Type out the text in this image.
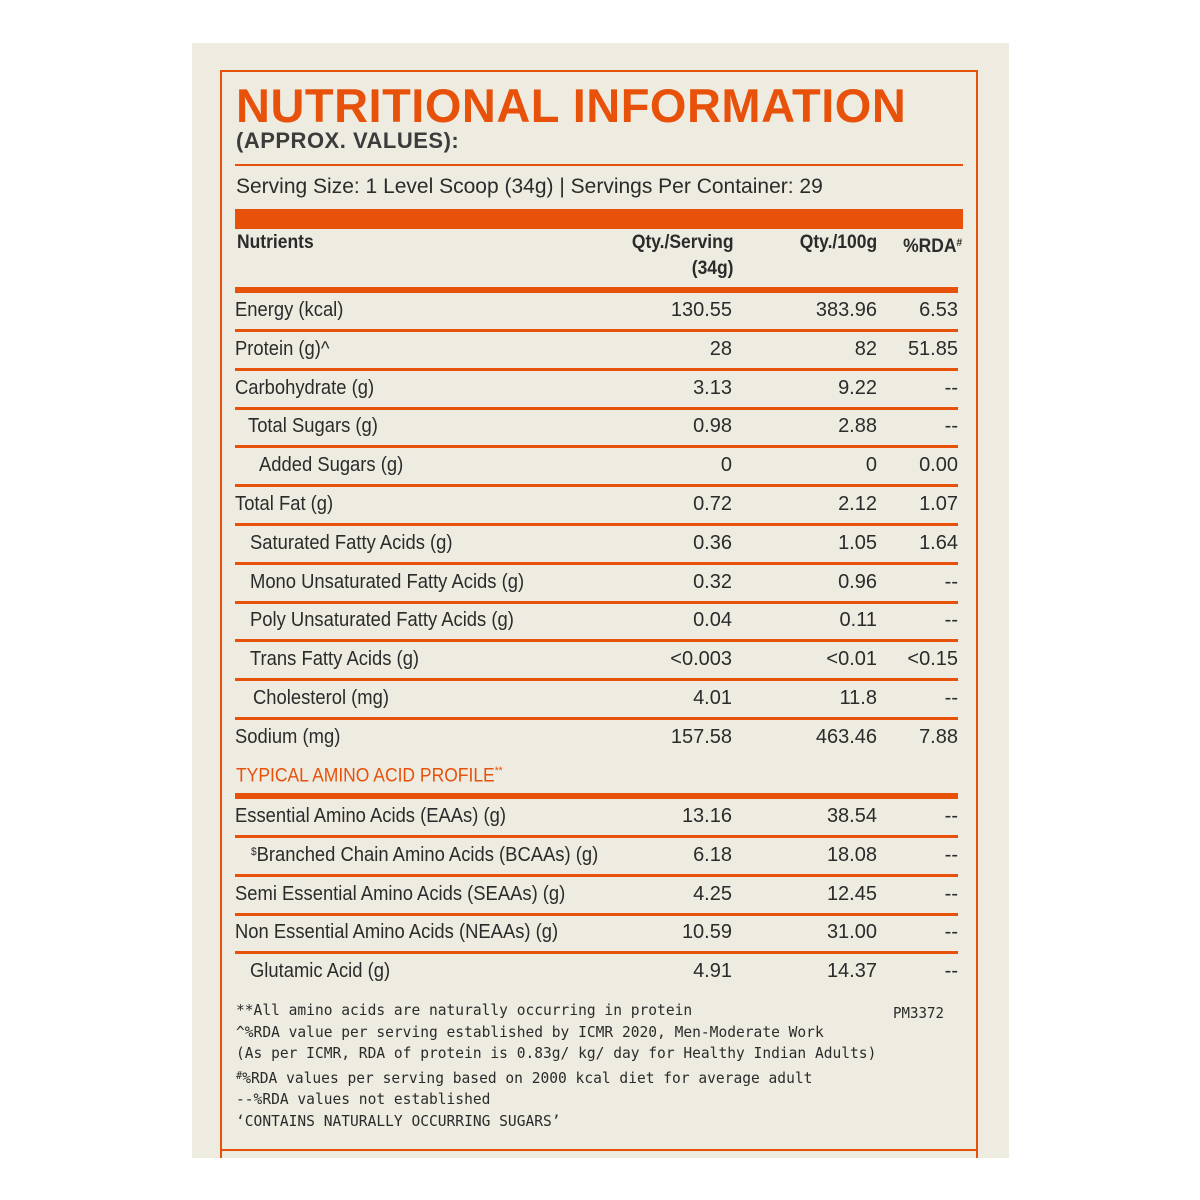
NUTRITIONAL INFORMATION
(APPROX. VALUES):
Serving Size: 1 Level Scoop (34g) | Servings Per Container: 29
Nutrients	Qty./Serving
(34g)
Qty./100g %RDA#
Energy (kcal)	130.55	383.96 6.53
Protein (g)^	28	82 51.85
Carbohydrate (g)	3.13	9.22	--
Total Sugars (g)	0.98	2.88	--
Added Sugars (g)	0	0 0.00
Total Fat (g)	0.72	2.12 1.07
Saturated Fatty Acids (g)	0.36	1.05 1.64
Mono Unsaturated Fatty Acids (g)	0.32	0.96	--
Poly Unsaturated Fatty Acids (g)	0.04	0.11	--
Trans Fatty Acids (g)	<0.003	<0.01 <0.15
Cholesterol (mg)	4.01	11.8	--
Sodium (mg)	157.58	463.46 7.88
TYPICAL AMINO ACID PROFILE**
Essential Amino Acids (EAAs) (g)	13.16	38.54	--
$Branched Chain Amino Acids (BCAAs) (g)	6.18	18.08	--
Semi Essential Amino Acids (SEAAs) (g)	4.25	12.45	--
Non Essential Amino Acids (NEAAs) (g)	10.59	31.00	--
Glutamic Acid (g)	4.91	14.37	--
**All amino acids are naturally occurring in protein
^%RDA value per serving established by ICMR 2020, Men-Moderate Work
(As per ICMR, RDA of protein is 0.83g/ kg/ day for Healthy Indian Adults)
#%RDA values per serving based on 2000 kcal diet for average adult
--%RDA values not established
‘CONTAINS NATURALLY OCCURRING SUGARS’
PM3372
